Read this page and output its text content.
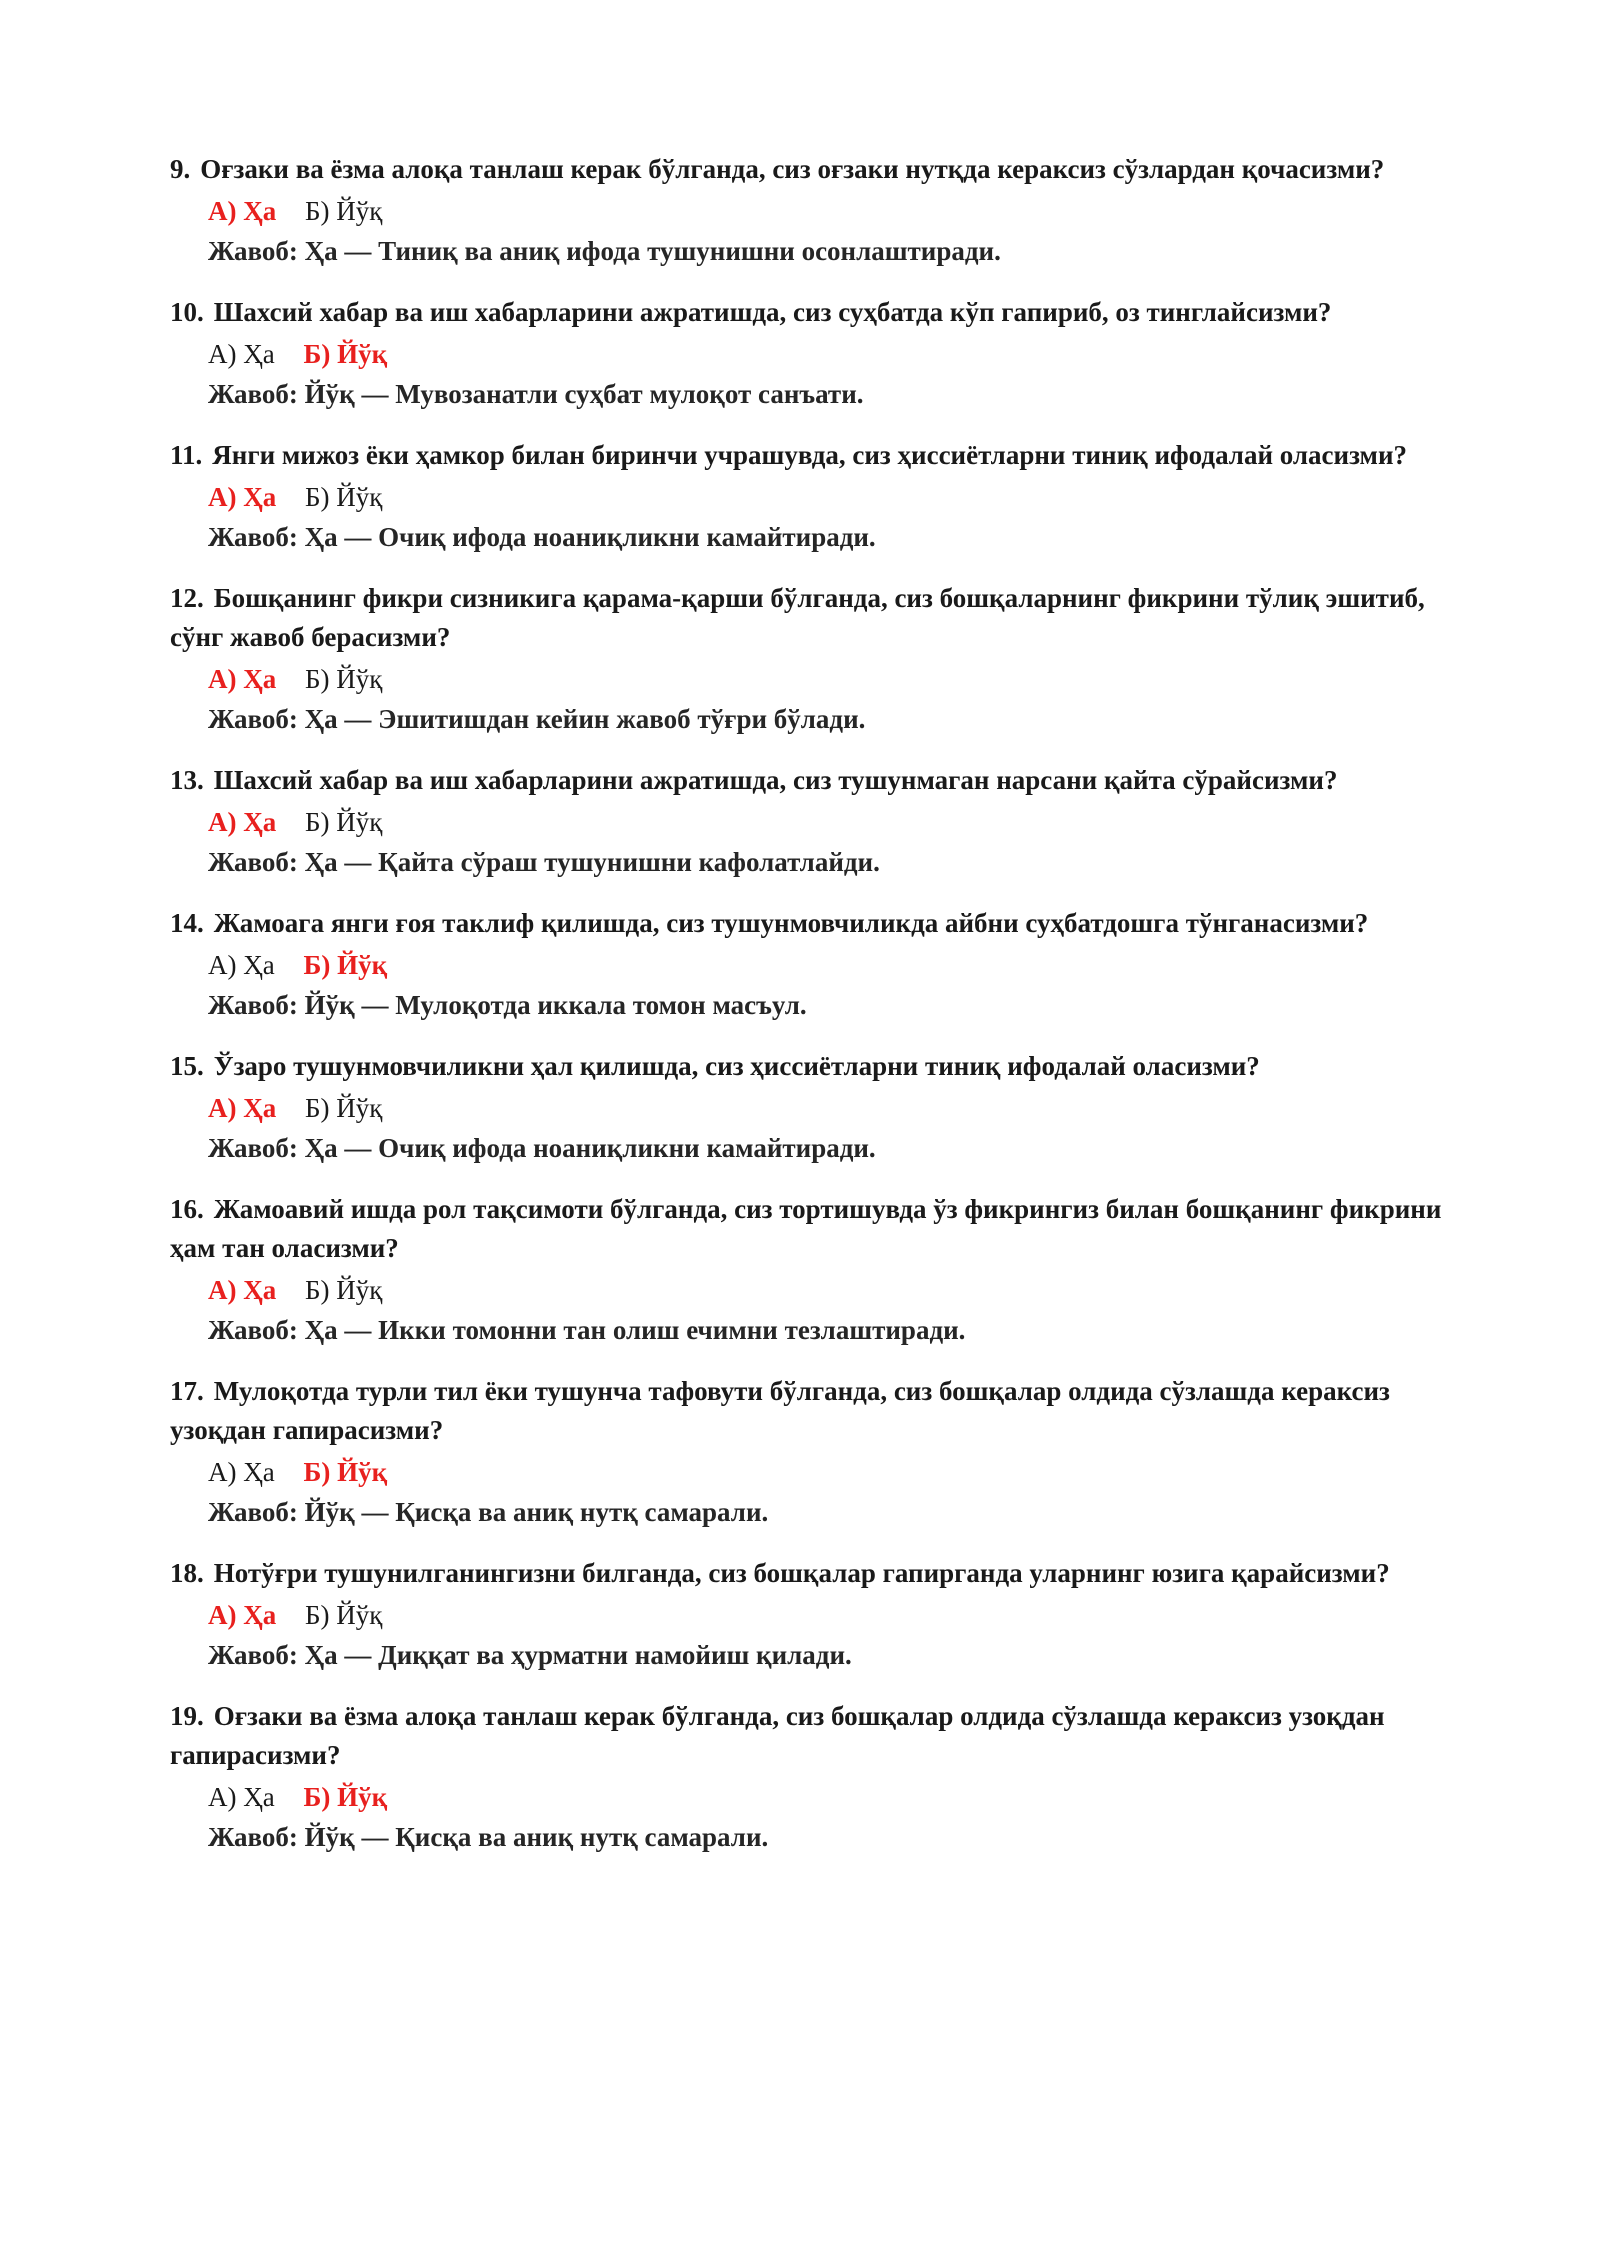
9. Оғзаки ва ёзма алоқа танлаш керак бўлганда, сиз оғзаки нутқда кераксиз сўзлардан қочасизми?

А) Ҳа Б) Йўқ
Жавоб: Ҳа — Тиниқ ва аниқ ифода тушунишни осонлаштиради.

10. Шахсий хабар ва иш хабарларини ажратишда, сиз суҳбатда кўп гапириб, оз тинглайсизми?

А) Ҳа Б) Йўқ
Жавоб: Йўқ — Мувозанатли суҳбат мулоқот санъати.

11. Янги мижоз ёки ҳамкор билан биринчи учрашувда, сиз ҳиссиётларни тиниқ ифодалай оласизми?

А) Ҳа Б) Йўқ
Жавоб: Ҳа — Очиқ ифода ноаниқликни камайтиради.

12. Бошқанинг фикри сизникига қарама-қарши бўлганда, сиз бошқаларнинг фикрини тўлиқ эшитиб, сўнг жавоб берасизми?

А) Ҳа Б) Йўқ
Жавоб: Ҳа — Эшитишдан кейин жавоб тўғри бўлади.

13. Шахсий хабар ва иш хабарларини ажратишда, сиз тушунмаган нарсани қайта сўрайсизми?

А) Ҳа Б) Йўқ
Жавоб: Ҳа — Қайта сўраш тушунишни кафолатлайди.

14. Жамоага янги ғоя таклиф қилишда, сиз тушунмовчиликда айбни суҳбатдошга тўнганасизми?

А) Ҳа Б) Йўқ
Жавоб: Йўқ — Мулоқотда иккала томон масъул.

15. Ўзаро тушунмовчиликни ҳал қилишда, сиз ҳиссиётларни тиниқ ифодалай оласизми?

А) Ҳа Б) Йўқ
Жавоб: Ҳа — Очиқ ифода ноаниқликни камайтиради.

16. Жамоавий ишда рол тақсимоти бўлганда, сиз тортишувда ўз фикрингиз билан бошқанинг фикрини ҳам тан оласизми?

А) Ҳа Б) Йўқ
Жавоб: Ҳа — Икки томонни тан олиш ечимни тезлаштиради.

17. Мулоқотда турли тил ёки тушунча тафовути бўлганда, сиз бошқалар олдида сўзлашда кераксиз узоқдан гапирасизми?

А) Ҳа Б) Йўқ
Жавоб: Йўқ — Қисқа ва аниқ нутқ самарали.

18. Нотўғри тушунилганингизни билганда, сиз бошқалар гапирганда уларнинг юзига қарайсизми?

А) Ҳа Б) Йўқ
Жавоб: Ҳа — Диққат ва ҳурматни намойиш қилади.

19. Оғзаки ва ёзма алоқа танлаш керак бўлганда, сиз бошқалар олдида сўзлашда кераксиз узоқдан гапирасизми?

А) Ҳа Б) Йўқ
Жавоб: Йўқ — Қисқа ва аниқ нутқ самарали.
